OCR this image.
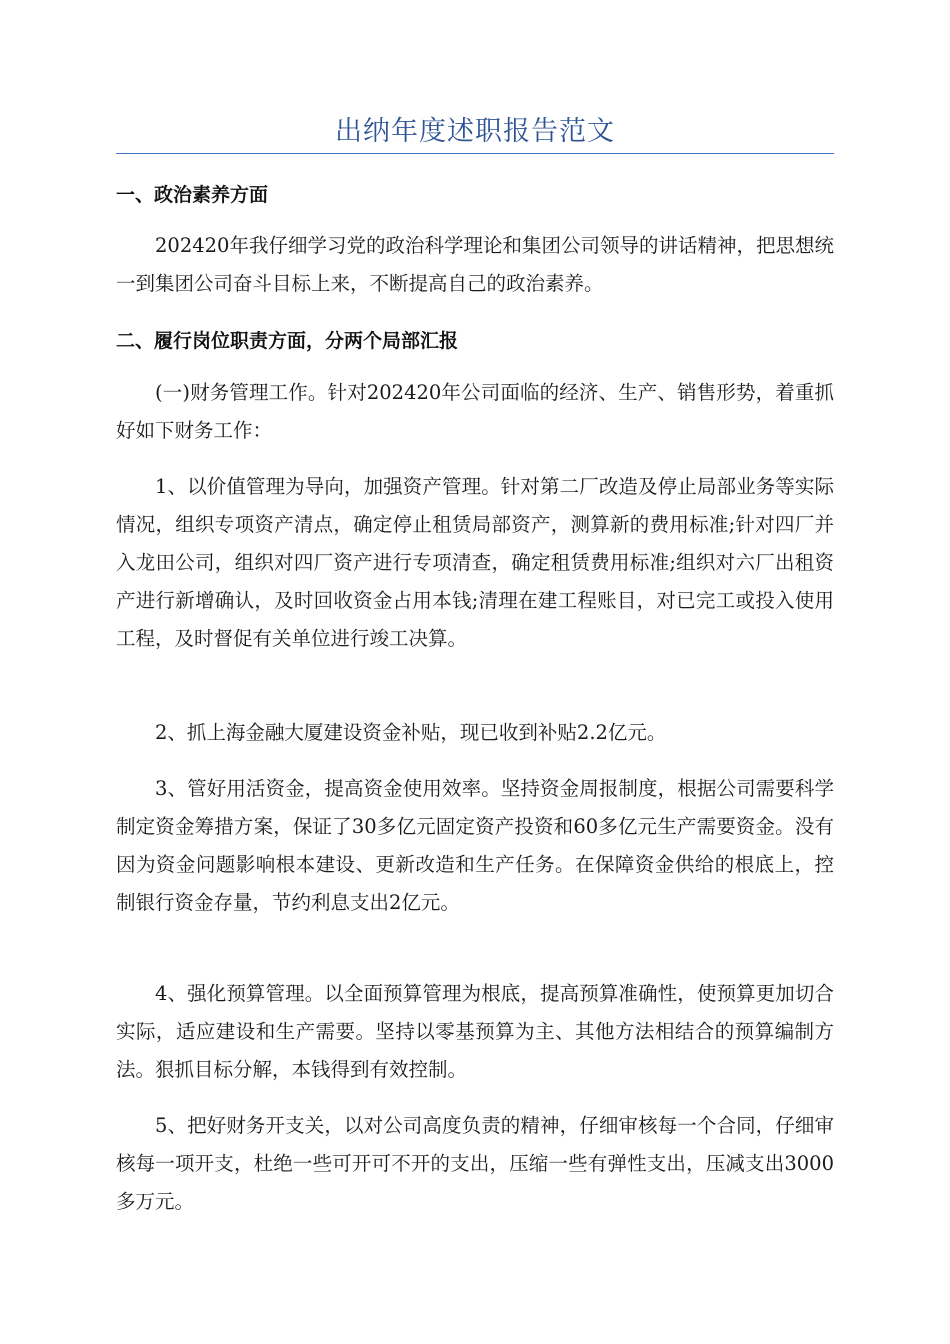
出纳年度述职报告范文
一、政治素养方面

202420年我仔细学习党的政治科学理论和集团公司领导的讲话精神，把思想统一到集团公司奋斗目标上来，不断提高自己的政治素养。

二、履行岗位职责方面，分两个局部汇报

(一)财务管理工作。针对202420年公司面临的经济、生产、销售形势，着重抓好如下财务工作：

1、以价值管理为导向，加强资产管理。针对第二厂改造及停止局部业务等实际情况，组织专项资产清点，确定停止租赁局部资产，测算新的费用标准;针对四厂并入龙田公司，组织对四厂资产进行专项清查，确定租赁费用标准;组织对六厂出租资产进行新增确认，及时回收资金占用本钱;清理在建工程账目，对已完工或投入使用工程，及时督促有关单位进行竣工决算。

2、抓上海金融大厦建设资金补贴，现已收到补贴2.2亿元。

3、管好用活资金，提高资金使用效率。坚持资金周报制度，根据公司需要科学制定资金筹措方案，保证了30多亿元固定资产投资和60多亿元生产需要资金。没有因为资金问题影响根本建设、更新改造和生产任务。在保障资金供给的根底上，控制银行资金存量，节约利息支出2亿元。

4、强化预算管理。以全面预算管理为根底，提高预算准确性，使预算更加切合实际，适应建设和生产需要。坚持以零基预算为主、其他方法相结合的预算编制方法。狠抓目标分解，本钱得到有效控制。

5、把好财务开支关，以对公司高度负责的精神，仔细审核每一个合同，仔细审核每一项开支，杜绝一些可开可不开的支出，压缩一些有弹性支出，压减支出3000多万元。
